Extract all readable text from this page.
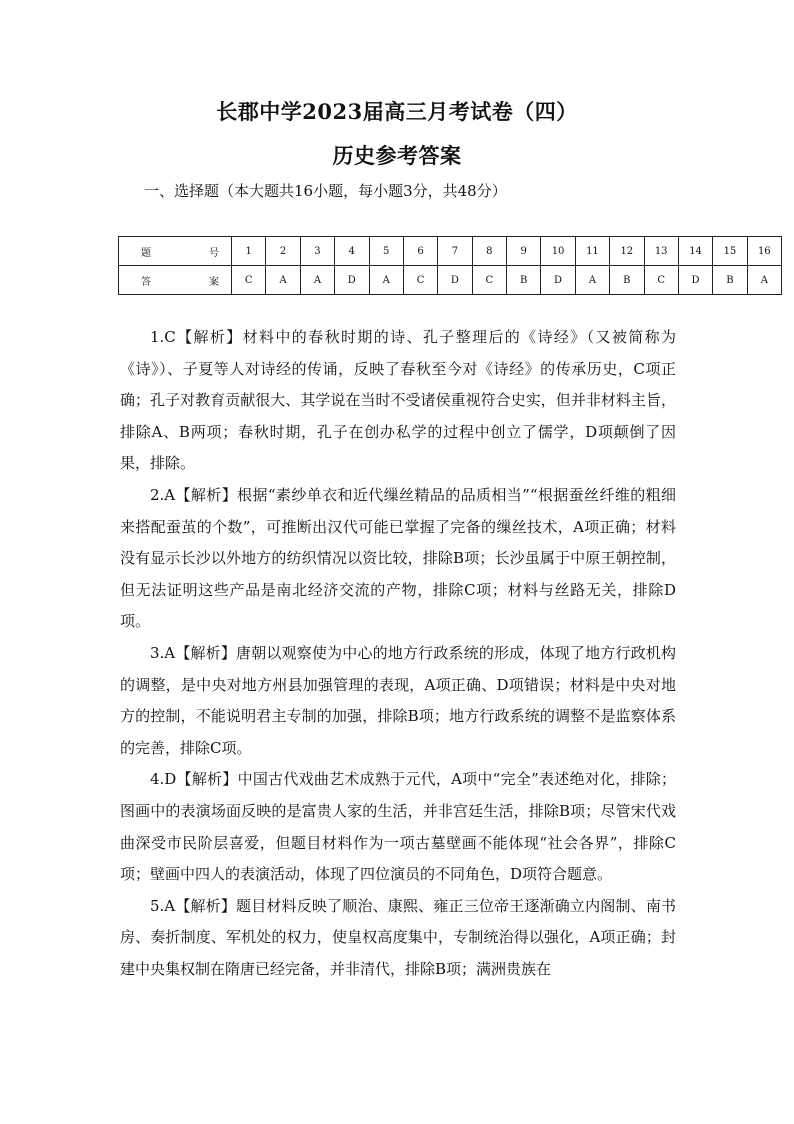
长郡中学2023届高三月考试卷（四）
历史参考答案
一、选择题（本大题共16小题，每小题3分，共48分）
题　　号	1	2	3	4	5	6	7	8	9	10	11	12	13	14	15	16
答　　案	C	A	A	D	A	C	D	C	B	D	A	B	C	D	B	A

1.C【解析】材料中的春秋时期的诗、孔子整理后的《诗经》（又被简称为《诗》）、子夏等人对诗经的传诵，反映了春秋至今对《诗经》的传承历史，C项正确；孔子对教育贡献很大、其学说在当时不受诸侯重视符合史实，但并非材料主旨，排除A、B两项；春秋时期，孔子在创办私学的过程中创立了儒学，D项颠倒了因果，排除。

2.A【解析】根据“素纱单衣和近代缫丝精品的品质相当”“根据蚕丝纤维的粗细来搭配蚕茧的个数”，可推断出汉代可能已掌握了完备的缫丝技术，A项正确；材料没有显示长沙以外地方的纺织情况以资比较，排除B项；长沙虽属于中原王朝控制，但无法证明这些产品是南北经济交流的产物，排除C项；材料与丝路无关，排除D项。

3.A【解析】唐朝以观察使为中心的地方行政系统的形成，体现了地方行政机构的调整，是中央对地方州县加强管理的表现，A项正确、D项错误；材料是中央对地方的控制，不能说明君主专制的加强，排除B项；地方行政系统的调整不是监察体系的完善，排除C项。

4.D【解析】中国古代戏曲艺术成熟于元代，A项中“完全”表述绝对化，排除；图画中的表演场面反映的是富贵人家的生活，并非宫廷生活，排除B项；尽管宋代戏曲深受市民阶层喜爱，但题目材料作为一项古墓壁画不能体现“社会各界”，排除C项；壁画中四人的表演活动，体现了四位演员的不同角色，D项符合题意。

5.A【解析】题目材料反映了顺治、康熙、雍正三位帝王逐渐确立内阁制、南书房、奏折制度、军机处的权力，使皇权高度集中，专制统治得以强化，A项正确；封建中央集权制在隋唐已经完备，并非清代，排除B项；满洲贵族在
